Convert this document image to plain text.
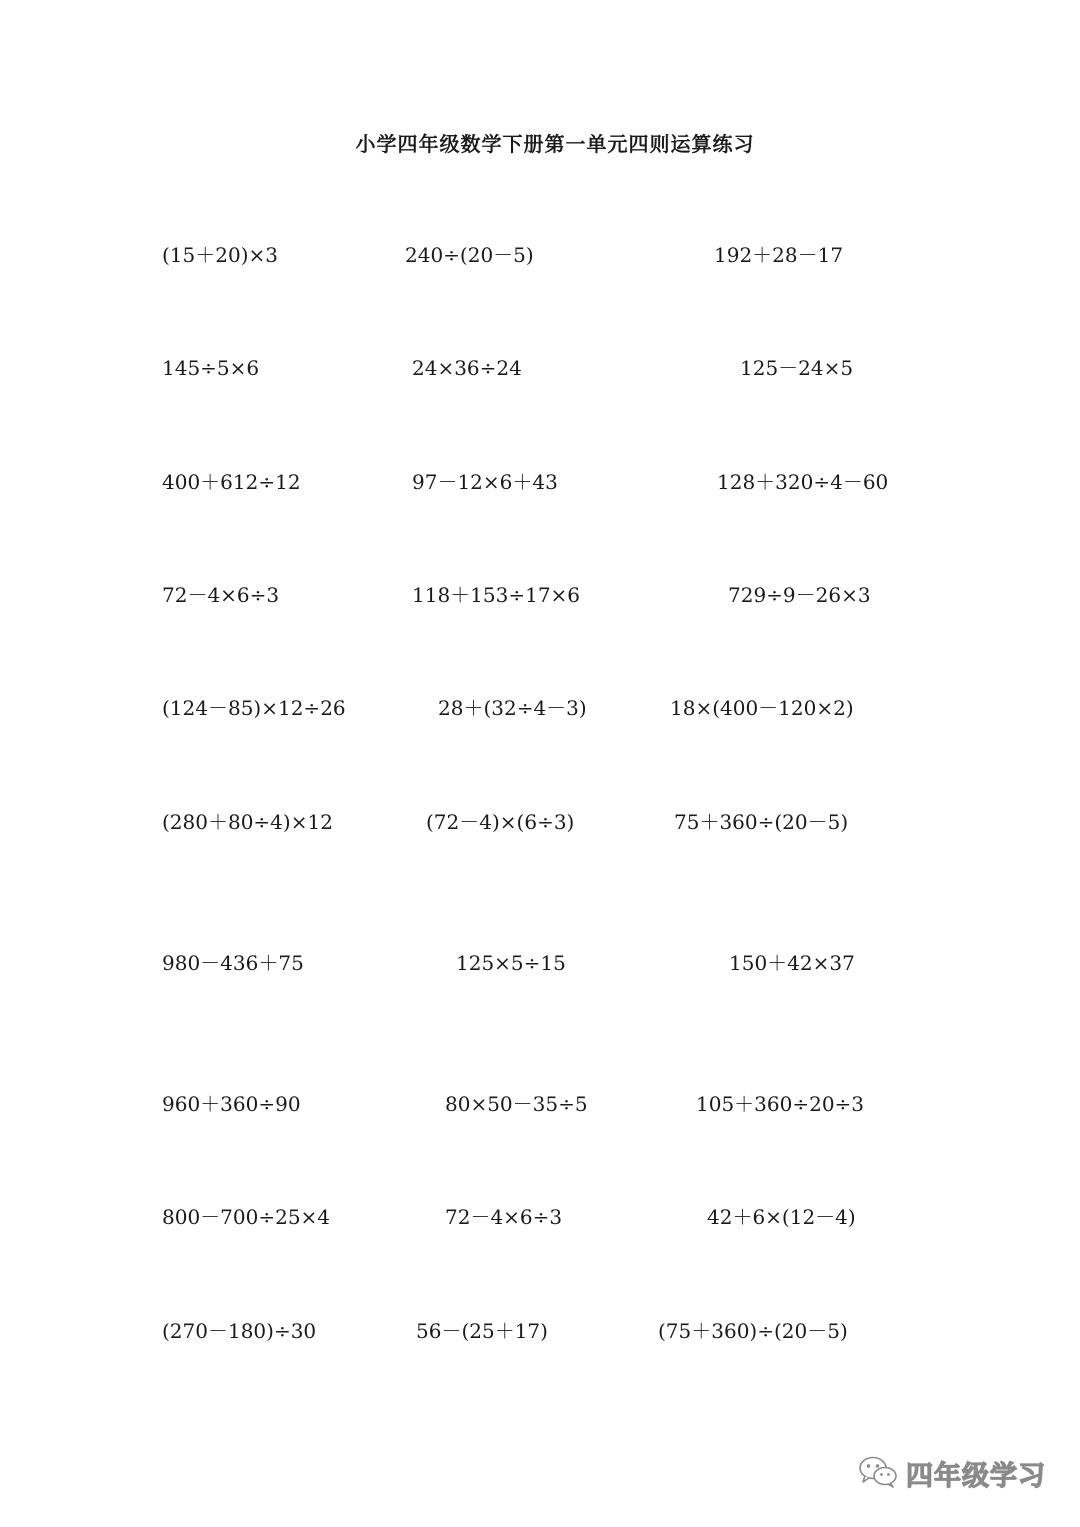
小学四年级数学下册第一单元四则运算练习
(15＋20)×3	240÷(20－5)	192＋28－17
145÷5×6	24×36÷24	125－24×5
400＋612÷12	97－12×6＋43	128＋320÷4－60
72－4×6÷3	118＋153÷17×6	729÷9－26×3
(124－85)×12÷26	28＋(32÷4－3)	18×(400－120×2)
(280＋80÷4)×12	(72－4)×(6÷3)	75＋360÷(20－5)
980－436＋75	125×5÷15	150＋42×37
960＋360÷90	80×50－35÷5	105＋360÷20÷3
800－700÷25×4	72－4×6÷3	42＋6×(12－4)
(270－180)÷30	56－(25＋17)	(75＋360)÷(20－5)
四年级学习
